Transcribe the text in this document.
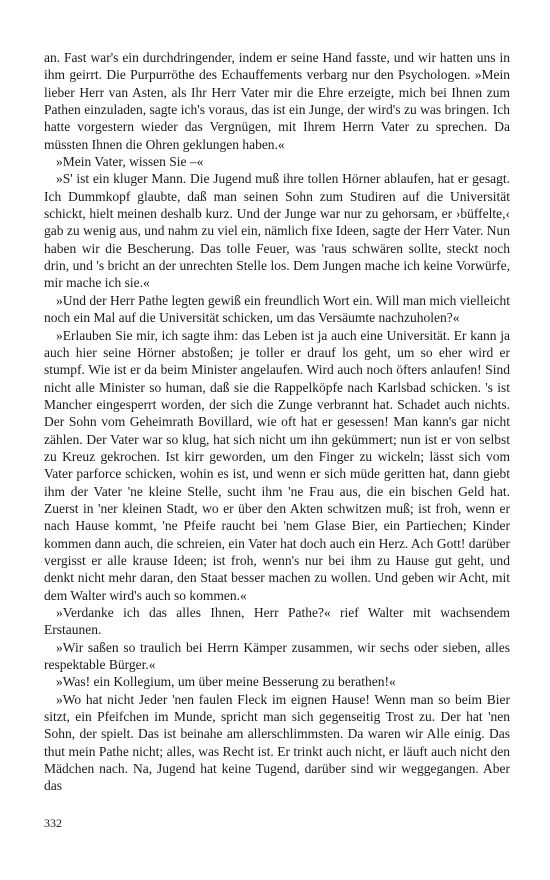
an. Fast war's ein durchdringender, indem er seine Hand fasste, und wir hatten uns in ihm geirrt. Die Purpurröthe des Echauffements verbarg nur den Psychologen. »Mein lieber Herr van Asten, als Ihr Herr Vater mir die Ehre erzeigte, mich bei Ihnen zum Pathen einzuladen, sagte ich's voraus, das ist ein Junge, der wird's zu was bringen. Ich hatte vorgestern wieder das Vergnügen, mit Ihrem Herrn Vater zu sprechen. Da müssten Ihnen die Ohren geklungen haben.«

»Mein Vater, wissen Sie –«

»S' ist ein kluger Mann. Die Jugend muß ihre tollen Hörner ablaufen, hat er gesagt. Ich Dummkopf glaubte, daß man seinen Sohn zum Studiren auf die Universität schickt, hielt meinen deshalb kurz. Und der Junge war nur zu gehorsam, er ›büffelte,‹ gab zu wenig aus, und nahm zu viel ein, nämlich fixe Ideen, sagte der Herr Vater. Nun haben wir die Bescherung. Das tolle Feuer, was 'raus schwären sollte, steckt noch drin, und 's bricht an der unrechten Stelle los. Dem Jungen mache ich keine Vorwürfe, mir mache ich sie.«

»Und der Herr Pathe legten gewiß ein freundlich Wort ein. Will man mich vielleicht noch ein Mal auf die Universität schicken, um das Versäumte nachzuholen?«

»Erlauben Sie mir, ich sagte ihm: das Leben ist ja auch eine Universität. Er kann ja auch hier seine Hörner abstoßen; je toller er drauf los geht, um so eher wird er stumpf. Wie ist er da beim Minister angelaufen. Wird auch noch öfters anlaufen! Sind nicht alle Minister so human, daß sie die Rappelköpfe nach Karlsbad schicken. 's ist Mancher eingesperrt worden, der sich die Zunge verbrannt hat. Schadet auch nichts. Der Sohn vom Geheimrath Bovillard, wie oft hat er gesessen! Man kann's gar nicht zählen. Der Vater war so klug, hat sich nicht um ihn gekümmert; nun ist er von selbst zu Kreuz gekrochen. Ist kirr geworden, um den Finger zu wickeln; lässt sich vom Vater parforce schicken, wohin es ist, und wenn er sich müde geritten hat, dann giebt ihm der Vater 'ne kleine Stelle, sucht ihm 'ne Frau aus, die ein bischen Geld hat. Zuerst in 'ner kleinen Stadt, wo er über den Akten schwitzen muß; ist froh, wenn er nach Hause kommt, 'ne Pfeife raucht bei 'nem Glase Bier, ein Partiechen; Kinder kommen dann auch, die schreien, ein Vater hat doch auch ein Herz. Ach Gott! darüber vergisst er alle krause Ideen; ist froh, wenn's nur bei ihm zu Hause gut geht, und denkt nicht mehr daran, den Staat besser machen zu wollen. Und geben wir Acht, mit dem Walter wird's auch so kommen.«

»Verdanke ich das alles Ihnen, Herr Pathe?« rief Walter mit wachsendem Erstaunen.

»Wir saßen so traulich bei Herrn Kämper zusammen, wir sechs oder sieben, alles respektable Bürger.«

»Was! ein Kollegium, um über meine Besserung zu berathen!«

»Wo hat nicht Jeder 'nen faulen Fleck im eignen Hause! Wenn man so beim Bier sitzt, ein Pfeifchen im Munde, spricht man sich gegenseitig Trost zu. Der hat 'nen Sohn, der spielt. Das ist beinahe am allerschlimmsten. Da waren wir Alle einig. Das thut mein Pathe nicht; alles, was Recht ist. Er trinkt auch nicht, er läuft auch nicht den Mädchen nach. Na, Jugend hat keine Tugend, darüber sind wir weggegangen. Aber das

332
